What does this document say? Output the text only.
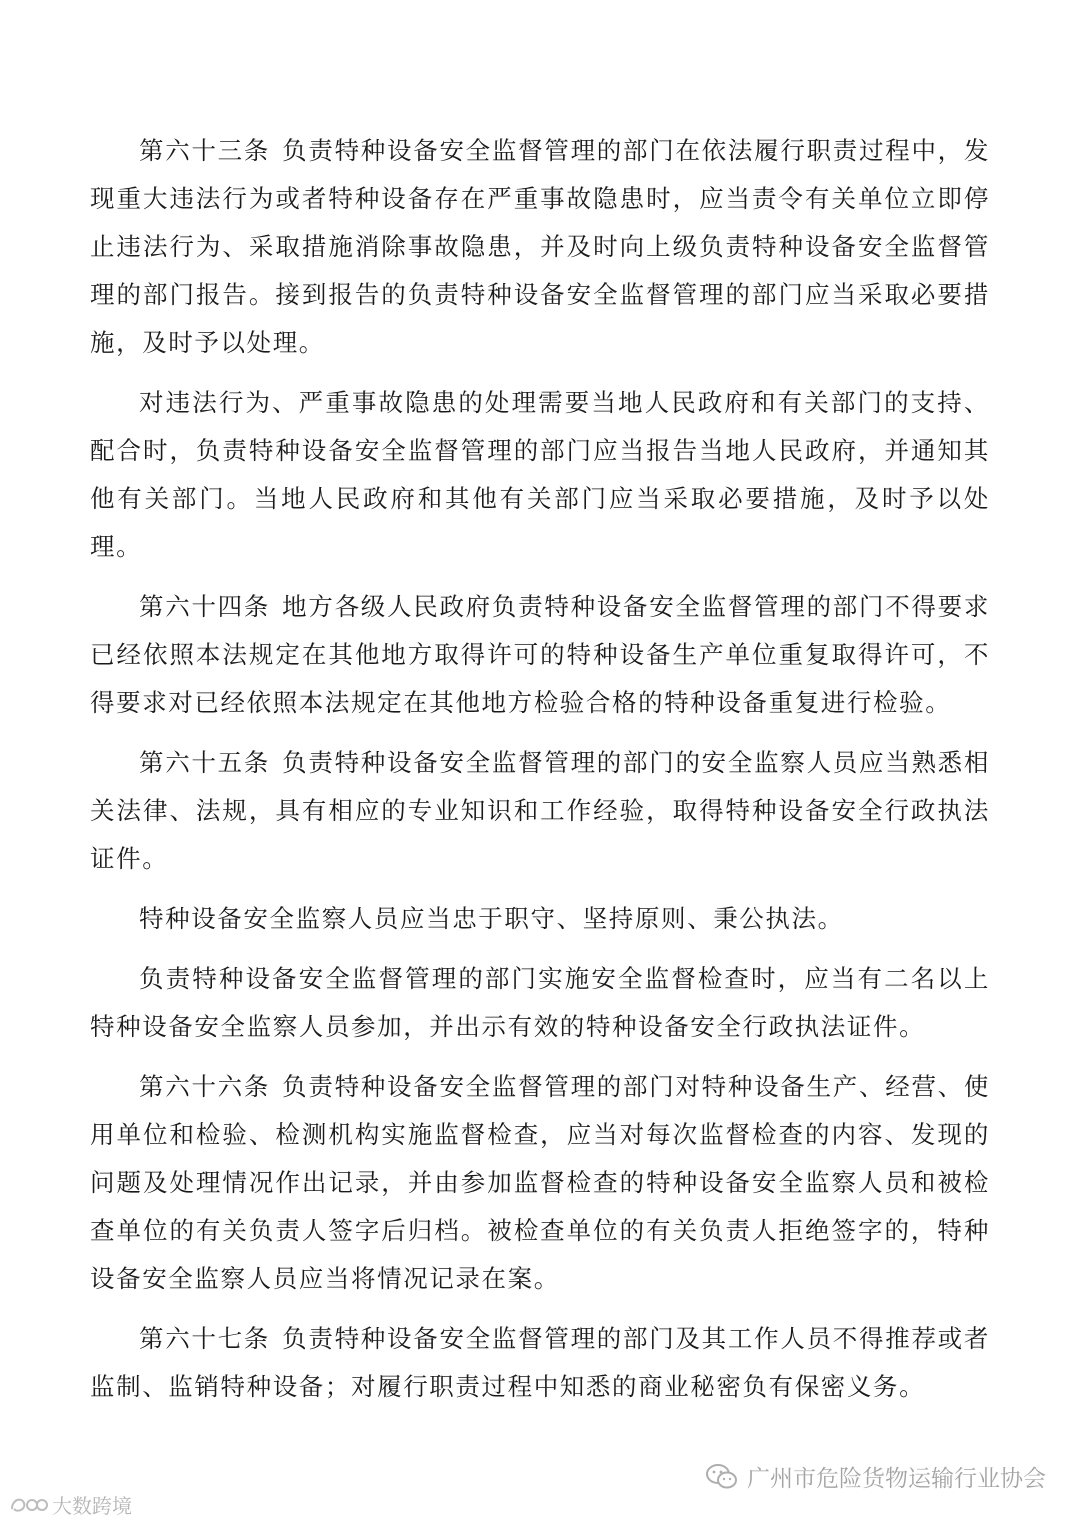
第六十三条 负责特种设备安全监督管理的部门在依法履行职责过程中，发现重大违法行为或者特种设备存在严重事故隐患时，应当责令有关单位立即停止违法行为、采取措施消除事故隐患，并及时向上级负责特种设备安全监督管理的部门报告。接到报告的负责特种设备安全监督管理的部门应当采取必要措施，及时予以处理。

对违法行为、严重事故隐患的处理需要当地人民政府和有关部门的支持、配合时，负责特种设备安全监督管理的部门应当报告当地人民政府，并通知其他有关部门。当地人民政府和其他有关部门应当采取必要措施，及时予以处理。

第六十四条 地方各级人民政府负责特种设备安全监督管理的部门不得要求已经依照本法规定在其他地方取得许可的特种设备生产单位重复取得许可，不得要求对已经依照本法规定在其他地方检验合格的特种设备重复进行检验。

第六十五条 负责特种设备安全监督管理的部门的安全监察人员应当熟悉相关法律、法规，具有相应的专业知识和工作经验，取得特种设备安全行政执法证件。

特种设备安全监察人员应当忠于职守、坚持原则、秉公执法。

负责特种设备安全监督管理的部门实施安全监督检查时，应当有二名以上特种设备安全监察人员参加，并出示有效的特种设备安全行政执法证件。

第六十六条 负责特种设备安全监督管理的部门对特种设备生产、经营、使用单位和检验、检测机构实施监督检查，应当对每次监督检查的内容、发现的问题及处理情况作出记录，并由参加监督检查的特种设备安全监察人员和被检查单位的有关负责人签字后归档。被检查单位的有关负责人拒绝签字的，特种设备安全监察人员应当将情况记录在案。

第六十七条 负责特种设备安全监督管理的部门及其工作人员不得推荐或者监制、监销特种设备；对履行职责过程中知悉的商业秘密负有保密义务。

广州市危险货物运输行业协会
大数跨境
